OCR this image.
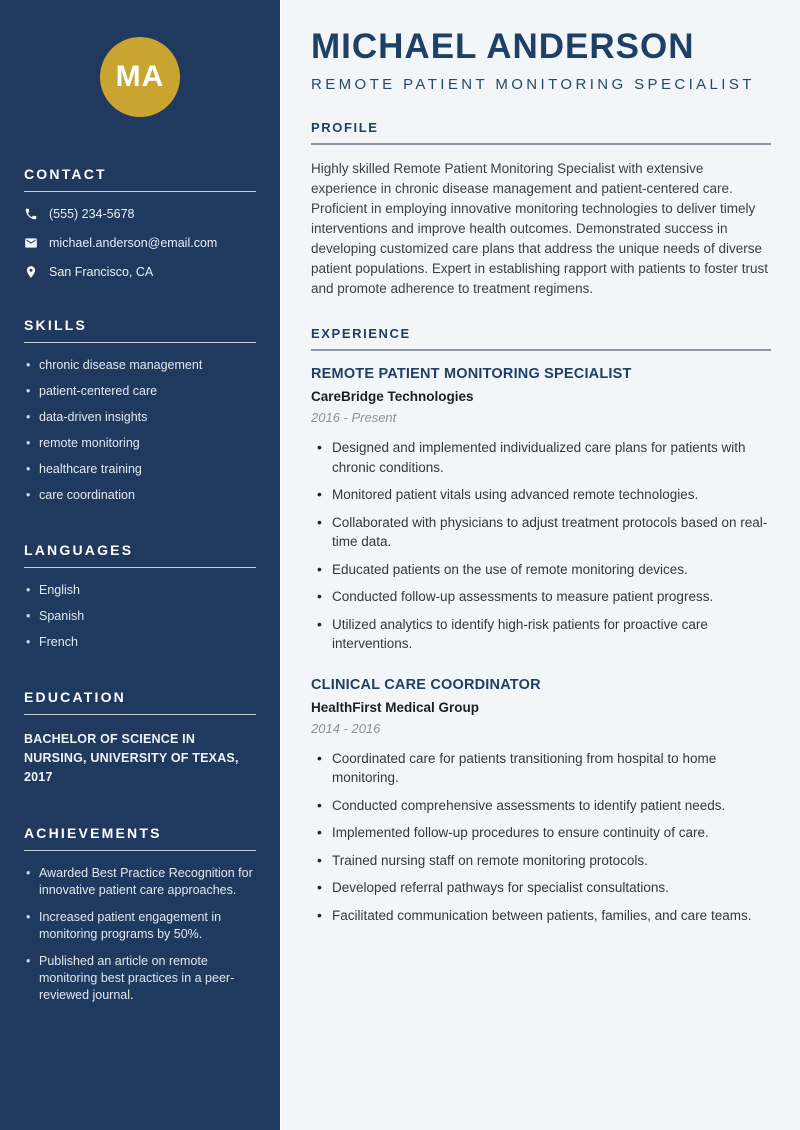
MA
CONTACT
(555) 234-5678
michael.anderson@email.com
San Francisco, CA
SKILLS
• chronic disease management
• patient-centered care
• data-driven insights
• remote monitoring
• healthcare training
• care coordination
LANGUAGES
• English
• Spanish
• French
EDUCATION

BACHELOR OF SCIENCE IN NURSING, UNIVERSITY OF TEXAS, 2017

ACHIEVEMENTS
• Awarded Best Practice Recognition for innovative patient care approaches.
• Increased patient engagement in monitoring programs by 50%.
• Published an article on remote monitoring best practices in a peer-reviewed journal.
MICHAEL ANDERSON
REMOTE PATIENT MONITORING SPECIALIST
PROFILE

Highly skilled Remote Patient Monitoring Specialist with extensive experience in chronic disease management and patient-centered care. Proficient in employing innovative monitoring technologies to deliver timely interventions and improve health outcomes. Demonstrated success in developing customized care plans that address the unique needs of diverse patient populations. Expert in establishing rapport with patients to foster trust and promote adherence to treatment regimens.

EXPERIENCE
REMOTE PATIENT MONITORING SPECIALIST
CareBridge Technologies
2016 - Present
• Designed and implemented individualized care plans for patients with chronic conditions.
• Monitored patient vitals using advanced remote technologies.
• Collaborated with physicians to adjust treatment protocols based on real-time data.
• Educated patients on the use of remote monitoring devices.
• Conducted follow-up assessments to measure patient progress.
• Utilized analytics to identify high-risk patients for proactive care interventions.
CLINICAL CARE COORDINATOR
HealthFirst Medical Group
2014 - 2016
• Coordinated care for patients transitioning from hospital to home monitoring.
• Conducted comprehensive assessments to identify patient needs.
• Implemented follow-up procedures to ensure continuity of care.
• Trained nursing staff on remote monitoring protocols.
• Developed referral pathways for specialist consultations.
• Facilitated communication between patients, families, and care teams.
